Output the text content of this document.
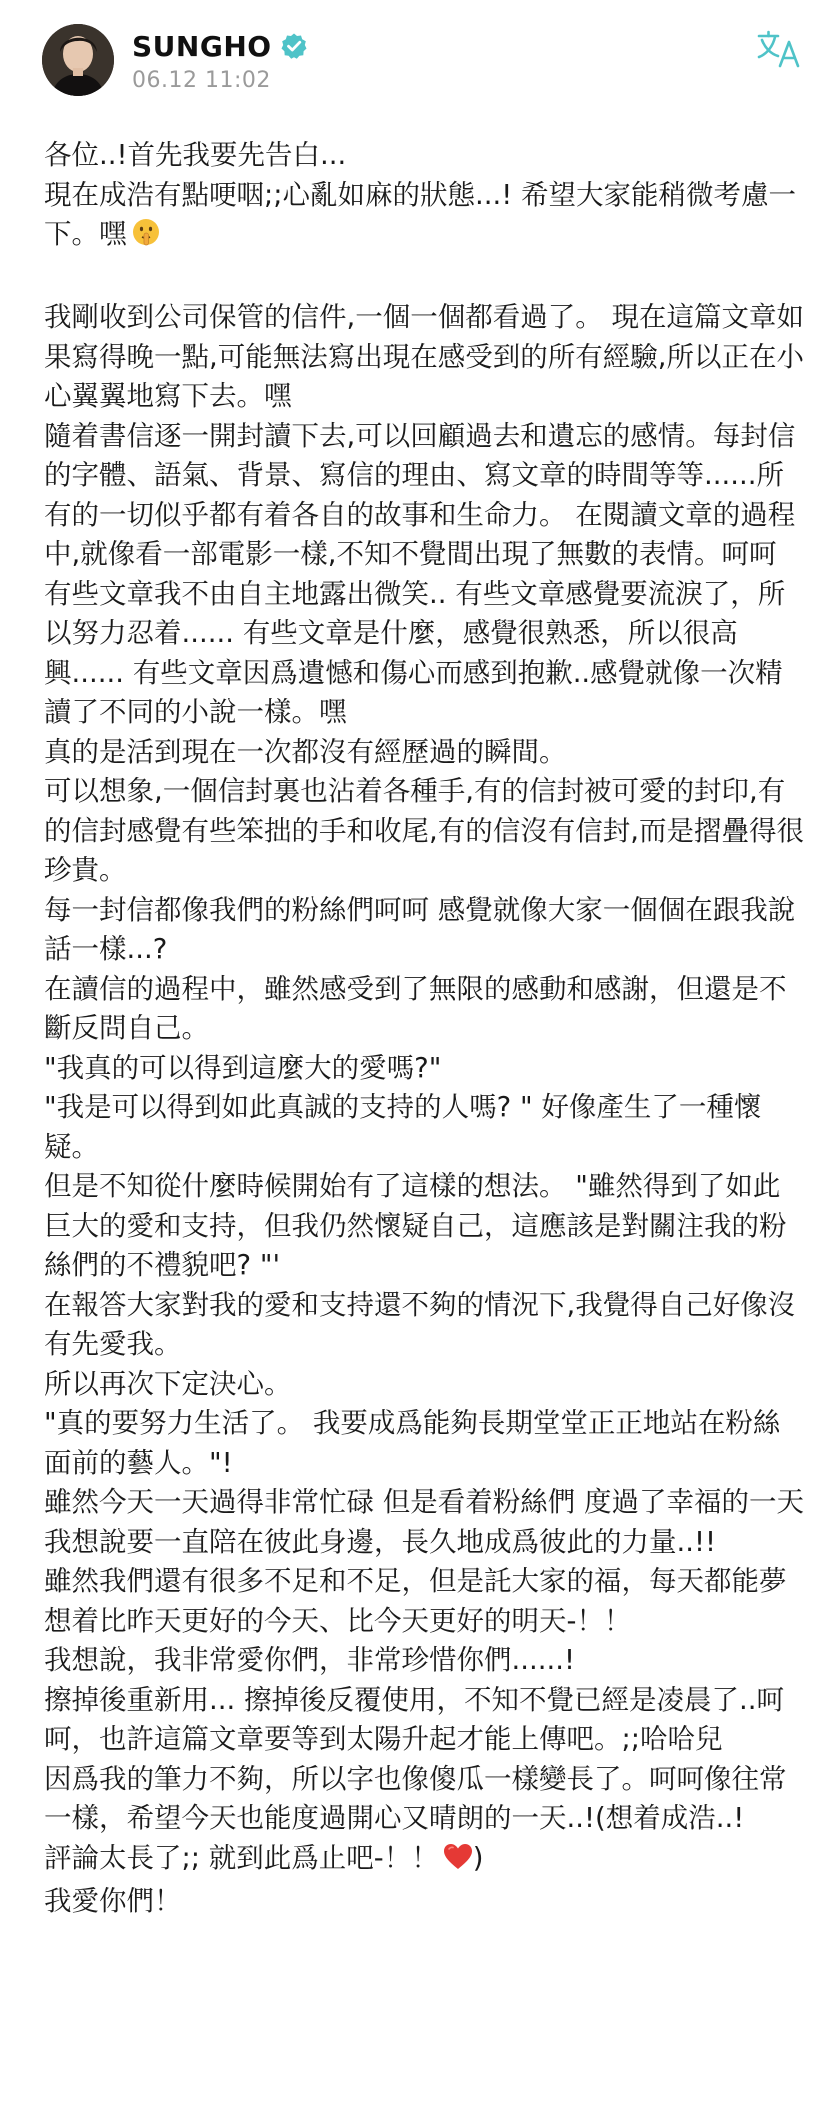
SUNGHO
06.12 11:02
各位..!首先我要先告白...
現在成浩有點哽咽;;心亂如麻的狀態...! 希望大家能稍微考慮一下。嘿
我剛收到公司保管的信件,一個一個都看過了。 現在這篇文章如果寫得晚一點,可能無法寫出現在感受到的所有經驗,所以正在小心翼翼地寫下去。嘿
隨着書信逐一開封讀下去,可以回顧過去和遺忘的感情。每封信的字體、語氣、背景、寫信的理由、寫文章的時間等等......所有的一切似乎都有着各自的故事和生命力。 在閱讀文章的過程中,就像看一部電影一樣,不知不覺間出現了無數的表情。呵呵
有些文章我不由自主地露出微笑.. 有些文章感覺要流淚了，所以努力忍着...... 有些文章是什麼，感覺很熟悉，所以很高興...... 有些文章因爲遺憾和傷心而感到抱歉..感覺就像一次精讀了不同的小說一樣。嘿
真的是活到現在一次都沒有經歷過的瞬間。
可以想象,一個信封裏也沾着各種手,有的信封被可愛的封印,有的信封感覺有些笨拙的手和收尾,有的信沒有信封,而是摺疊得很珍貴。
每一封信都像我們的粉絲們呵呵 感覺就像大家一個個在跟我說話一樣...?
在讀信的過程中，雖然感受到了無限的感動和感謝，但還是不斷反問自己。
"我真的可以得到這麼大的愛嗎?"
"我是可以得到如此真誠的支持的人嗎? " 好像產生了一種懷疑。
但是不知從什麼時候開始有了這樣的想法。 "雖然得到了如此巨大的愛和支持，但我仍然懷疑自己，這應該是對關注我的粉絲們的不禮貌吧? "'
在報答大家對我的愛和支持還不夠的情況下,我覺得自己好像沒有先愛我。
所以再次下定決心。
"真的要努力生活了。 我要成爲能夠長期堂堂正正地站在粉絲面前的藝人。"!
雖然今天一天過得非常忙碌 但是看着粉絲們 度過了幸福的一天 我想說要一直陪在彼此身邊，長久地成爲彼此的力量..!!
雖然我們還有很多不足和不足，但是託大家的福，每天都能夢想着比昨天更好的今天、比今天更好的明天-！！
我想說，我非常愛你們，非常珍惜你們......!
擦掉後重新用... 擦掉後反覆使用，不知不覺已經是凌晨了..呵呵，也許這篇文章要等到太陽升起才能上傳吧。;;哈哈兒
因爲我的筆力不夠，所以字也像傻瓜一樣變長了。呵呵像往常一樣，希望今天也能度過開心又晴朗的一天..!(想着成浩..!
評論太長了;; 就到此爲止吧-！！ )
我愛你們！
